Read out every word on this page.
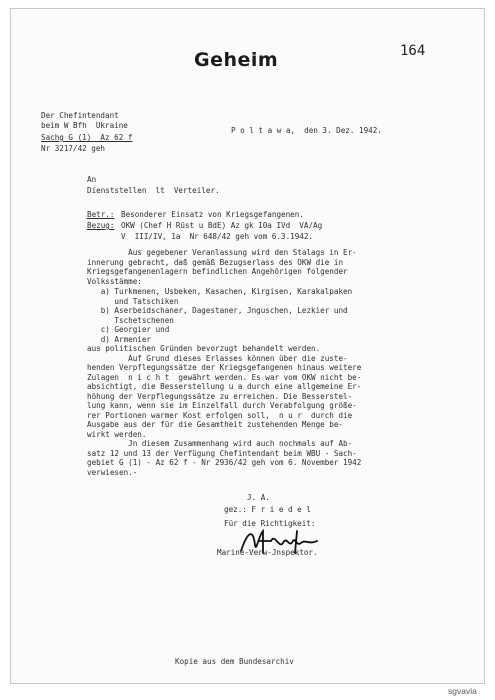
Geheim	164
Der Chefintendant
beim W Bfh  Ukraine
Sachg G (1)  Az 62 f
Nr 3217/42 geh
P o l t a w a,  den 3. Dez. 1942.
An
Dienststellen  lt  Verteiler.
Betr.: Besonderer Einsatz von Kriegsgefangenen.
Bezug: OKW (Chef H Rüst u BdE) Az gk 10a IVd  VA/Ag
V  III/IV, 1a  Nr 648/42 geh vom 6.3.1942.
Aus gegebener Veranlassung wird den Stalags in Er-
innerung gebracht, daß gemäß Bezugserlass des OKW die in
Kriegsgefangenenlagern befindlichen Angehörigen folgender
Volksstämme:
a) Turkmenen, Usbeken, Kasachen, Kirgisen, Karakalpaken
und Tatschiken
b) Aserbeidschaner, Dagestaner, Jnguschen, Lezkier und
Tschetschenen
c) Georgier und
d) Armenier
aus politischen Gründen bevorzugt behandelt werden.
Auf Grund dieses Erlasses können über die zuste-
henden Verpflegungssätze der Kriegsgefangenen hinaus weitere
Zulagen  n i c h t  gewährt werden. Es war vom OKW nicht be-
absichtigt, die Besserstellung u a durch eine allgemeine Er-
höhung der Verpflegungssätze zu erreichen. Die Besserstel-
lung kann, wenn sie im Einzelfall durch Verabfolgung größe-
rer Portionen warmer Kost erfolgen soll,  n u r  durch die
Ausgabe aus der für die Gesamtheit zustehenden Menge be-
wirkt werden.
Jn diesem Zusammenhang wird auch nochmals auf Ab-
satz 12 und 13 der Verfügung Chefintendant beim WBU - Sach-
gebiet G (1) - Az 62 f - Nr 2936/42 geh vom 6. November 1942
verwiesen.-
J. A.
gez.: F r i e d e l
Für die Richtigkeit:
Marine-Verw-Jnspektor.
Kopie aus dem Bundesarchiv
sgvavia
